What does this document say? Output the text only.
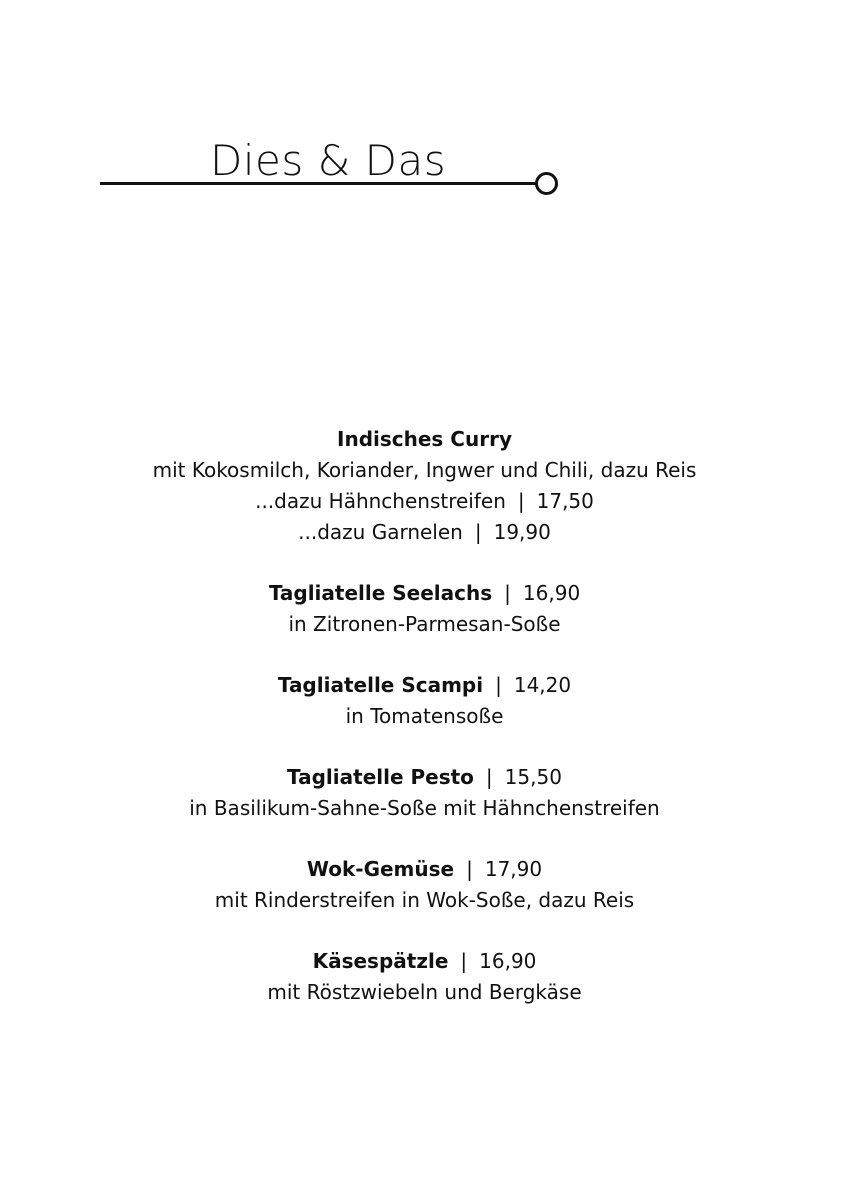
Dies & Das
Indisches Curry
mit Kokosmilch, Koriander, Ingwer und Chili, dazu Reis
...dazu Hähnchenstreifen | 17,50
...dazu Garnelen | 19,90
Tagliatelle Seelachs | 16,90
in Zitronen-Parmesan-Soße
Tagliatelle Scampi | 14,20
in Tomatensoße
Tagliatelle Pesto | 15,50
in Basilikum-Sahne-Soße mit Hähnchenstreifen
Wok-Gemüse | 17,90
mit Rinderstreifen in Wok-Soße, dazu Reis
Käsespätzle | 16,90
mit Röstzwiebeln und Bergkäse
